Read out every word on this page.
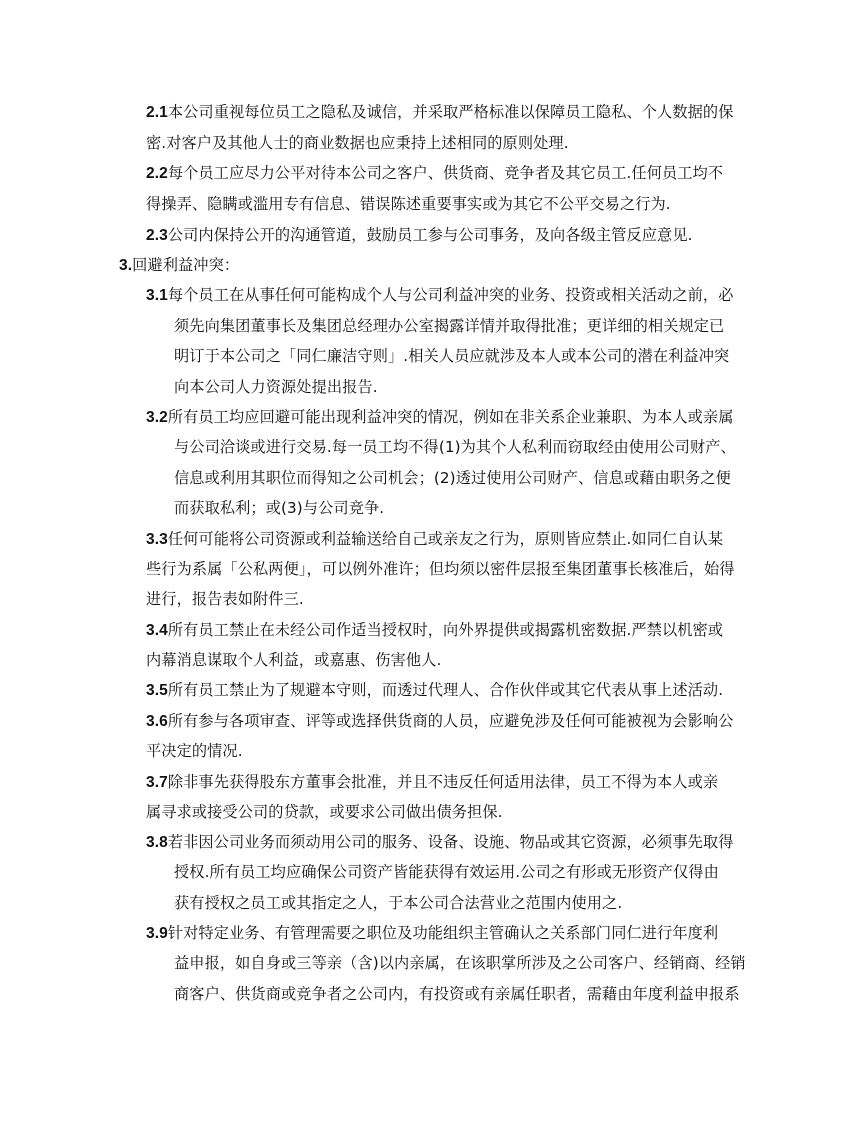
2.1本公司重视每位员工之隐私及诚信，并采取严格标准以保障员工隐私、个人数据的保
密.对客户及其他人士的商业数据也应秉持上述相同的原则处理.
2.2每个员工应尽力公平对待本公司之客户、供货商、竞争者及其它员工.任何员工均不
得操弄、隐瞒或滥用专有信息、错误陈述重要事实或为其它不公平交易之行为.
2.3公司内保持公开的沟通管道，鼓励员工参与公司事务，及向各级主管反应意见.
3.回避利益冲突：
3.1每个员工在从事任何可能构成个人与公司利益冲突的业务、投资或相关活动之前，必
须先向集团董事长及集团总经理办公室揭露详情并取得批准；更详细的相关规定已
明订于本公司之「同仁廉洁守则」.相关人员应就涉及本人或本公司的潜在利益冲突
向本公司人力资源处提出报告.
3.2所有员工均应回避可能出现利益冲突的情况，例如在非关系企业兼职、为本人或亲属
与公司洽谈或进行交易.每一员工均不得(1)为其个人私利而窃取经由使用公司财产、
信息或利用其职位而得知之公司机会；(2)透过使用公司财产、信息或藉由职务之便
而获取私利；或(3)与公司竞争.
3.3任何可能将公司资源或利益输送给自己或亲友之行为，原则皆应禁止.如同仁自认某
些行为系属「公私两便」，可以例外准许；但均须以密件层报至集团董事长核准后，始得
进行，报告表如附件三.
3.4所有员工禁止在未经公司作适当授权时，向外界提供或揭露机密数据.严禁以机密或
内幕消息谋取个人利益，或嘉惠、伤害他人.
3.5所有员工禁止为了规避本守则，而透过代理人、合作伙伴或其它代表从事上述活动.
3.6所有参与各项审查、评等或选择供货商的人员，应避免涉及任何可能被视为会影响公
平决定的情况.
3.7除非事先获得股东方董事会批准，并且不违反任何适用法律，员工不得为本人或亲
属寻求或接受公司的贷款，或要求公司做出债务担保.
3.8若非因公司业务而须动用公司的服务、设备、设施、物品或其它资源，必须事先取得
授权.所有员工均应确保公司资产皆能获得有效运用.公司之有形或无形资产仅得由
获有授权之员工或其指定之人，于本公司合法营业之范围内使用之.
3.9针对特定业务、有管理需要之职位及功能组织主管确认之关系部门同仁进行年度利
益申报，如自身或三等亲（含)以内亲属，在该职掌所涉及之公司客户、经销商、经销
商客户、供货商或竞争者之公司内，有投资或有亲属任职者，需藉由年度利益申报系
